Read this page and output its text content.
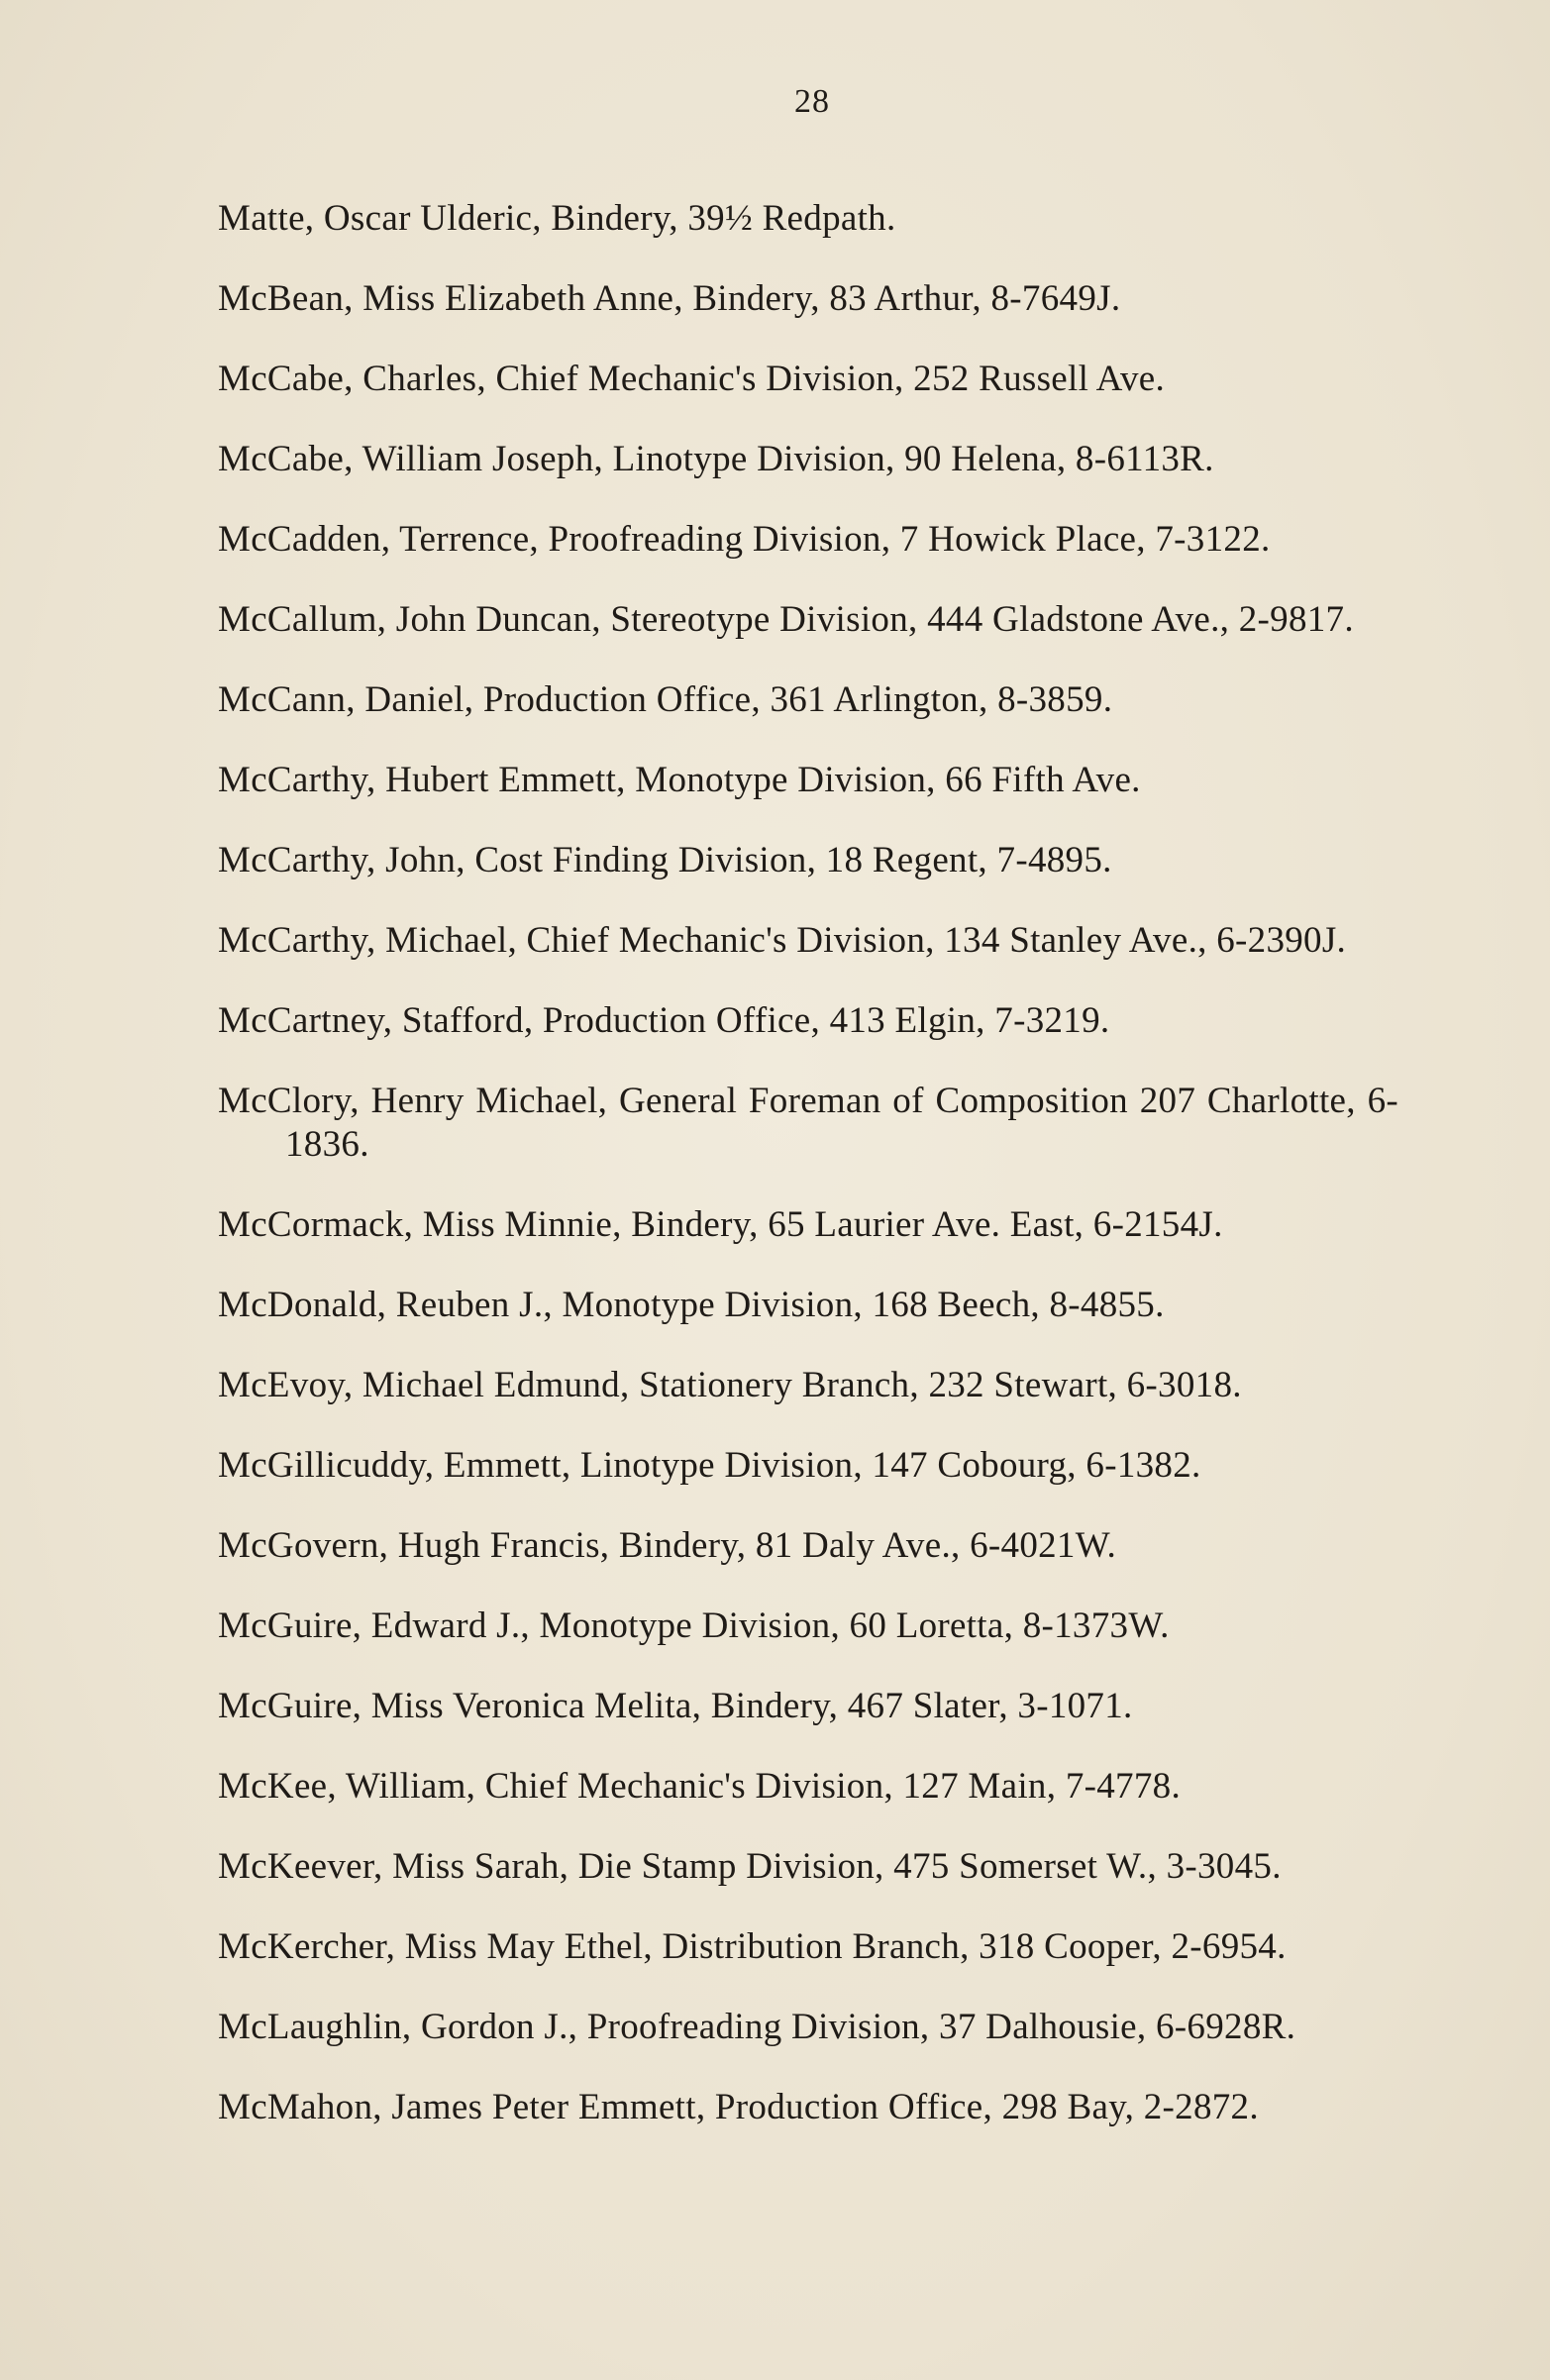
28

Matte, Oscar Ulderic, Bindery, 39½ Redpath.

McBean, Miss Elizabeth Anne, Bindery, 83 Arthur, 8-7649J.

McCabe, Charles, Chief Mechanic's Division, 252 Russell Ave.

McCabe, William Joseph, Linotype Division, 90 Helena, 8-6113R.

McCadden, Terrence, Proofreading Division, 7 Howick Place, 7-3122.

McCallum, John Duncan, Stereotype Division, 444 Gladstone Ave., 2-9817.

McCann, Daniel, Production Office, 361 Arlington, 8-3859.

McCarthy, Hubert Emmett, Monotype Division, 66 Fifth Ave.

McCarthy, John, Cost Finding Division, 18 Regent, 7-4895.

McCarthy, Michael, Chief Mechanic's Division, 134 Stanley Ave., 6-2390J.

McCartney, Stafford, Production Office, 413 Elgin, 7-3219.

McClory, Henry Michael, General Foreman of Composition 207 Charlotte, 6-1836.

McCormack, Miss Minnie, Bindery, 65 Laurier Ave. East, 6-2154J.

McDonald, Reuben J., Monotype Division, 168 Beech, 8-4855.

McEvoy, Michael Edmund, Stationery Branch, 232 Stewart, 6-3018.

McGillicuddy, Emmett, Linotype Division, 147 Cobourg, 6-1382.

McGovern, Hugh Francis, Bindery, 81 Daly Ave., 6-4021W.

McGuire, Edward J., Monotype Division, 60 Loretta, 8-1373W.

McGuire, Miss Veronica Melita, Bindery, 467 Slater, 3-1071.

McKee, William, Chief Mechanic's Division, 127 Main, 7-4778.

McKeever, Miss Sarah, Die Stamp Division, 475 Somerset W., 3-3045.

McKercher, Miss May Ethel, Distribution Branch, 318 Cooper, 2-6954.

McLaughlin, Gordon J., Proofreading Division, 37 Dalhousie, 6-6928R.

McMahon, James Peter Emmett, Production Office, 298 Bay, 2-2872.
